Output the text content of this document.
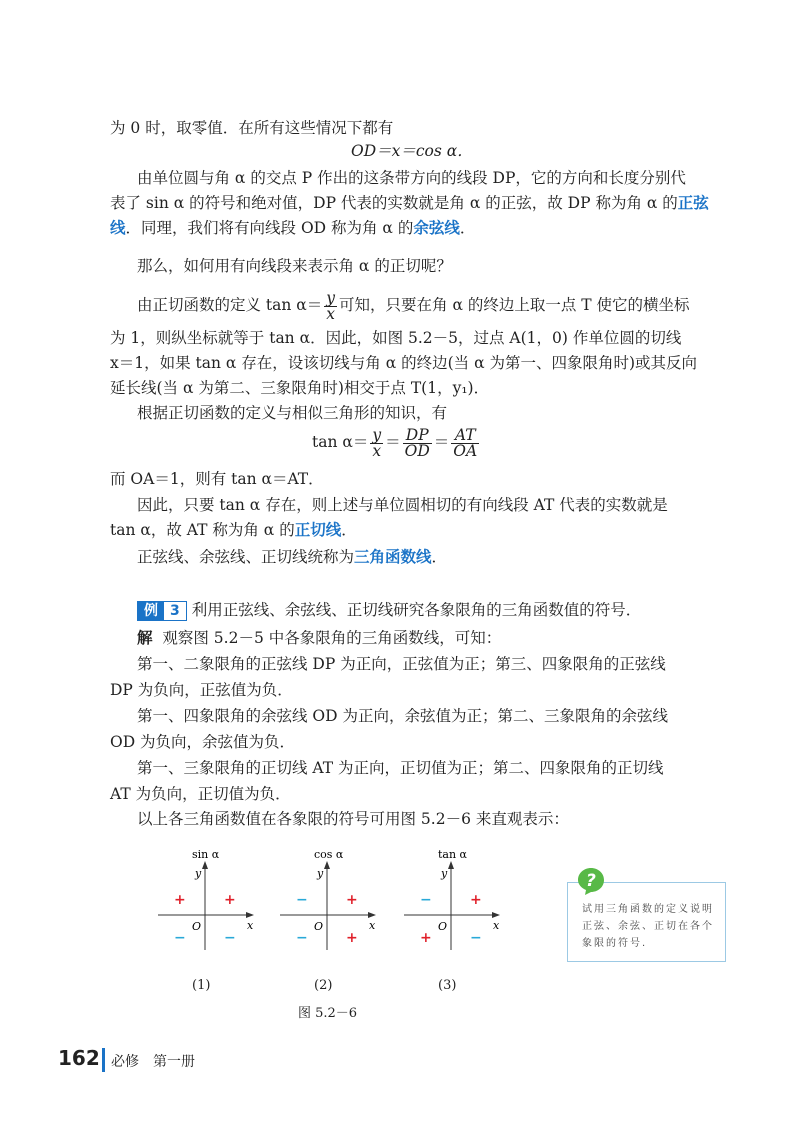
为 0 时，取零值．在所有这些情况下都有
OD＝x＝cos α．
由单位圆与角 α 的交点 P 作出的这条带方向的线段 DP，它的方向和长度分别代
表了 sin α 的符号和绝对值，DP 代表的实数就是角 α 的正弦，故 DP 称为角 α 的正弦
线．同理，我们将有向线段 OD 称为角 α 的余弦线．
那么，如何用有向线段来表示角 α 的正切呢？
由正切函数的定义 $\tan \alpha= \frac{y}{x}$ 可知，只要在角 α 的终边上取一点 T 使它的横坐标
为 1，则纵坐标就等于 tan α．因此，如图 5.2－5，过点 A(1，0) 作单位圆的切线
x＝1，如果 tan α 存在，设该切线与角 α 的终边(当 α 为第一、四象限角时)或其反向
延长线(当 α 为第二、三象限角时)相交于点 T(1，y₁)．
根据正切函数的定义与相似三角形的知识，有
$\tan \alpha= \frac{y}{x} = \frac{DP}{OD} = \frac{AT}{OA}$
而 OA＝1，则有 tan α＝AT．
因此，只要 tan α 存在，则上述与单位圆相切的有向线段 AT 代表的实数就是
tan α，故 AT 称为角 α 的正切线．
正弦线、余弦线、正切线统称为三角函数线．
例 3 利用正弦线、余弦线、正切线研究各象限角的三角函数值的符号．
解 观察图 5.2－5 中各象限角的三角函数线，可知：
第一、二象限角的正弦线 DP 为正向，正弦值为正；第三、四象限角的正弦线
DP 为负向，正弦值为负．
第一、四象限角的余弦线 OD 为正向，余弦值为正；第二、三象限角的余弦线
OD 为负向，余弦值为负．
第一、三象限角的正切线 AT 为正向，正切值为正；第二、四象限角的正切线
AT 为负向，正切值为负．
以上各三角函数值在各象限的符号可用图 5.2－6 来直观表示：
sin α
y
x
O
+
+
−	−
cos α
y
x
O
+
−
−	+
tan α
y
x
O
+
−
+	−
(1)	(2)	(3)
图 5.2－6
试用三角函数的定义说明正弦、余弦、正切在各个象限的符号.
?
162 必修　第一册
